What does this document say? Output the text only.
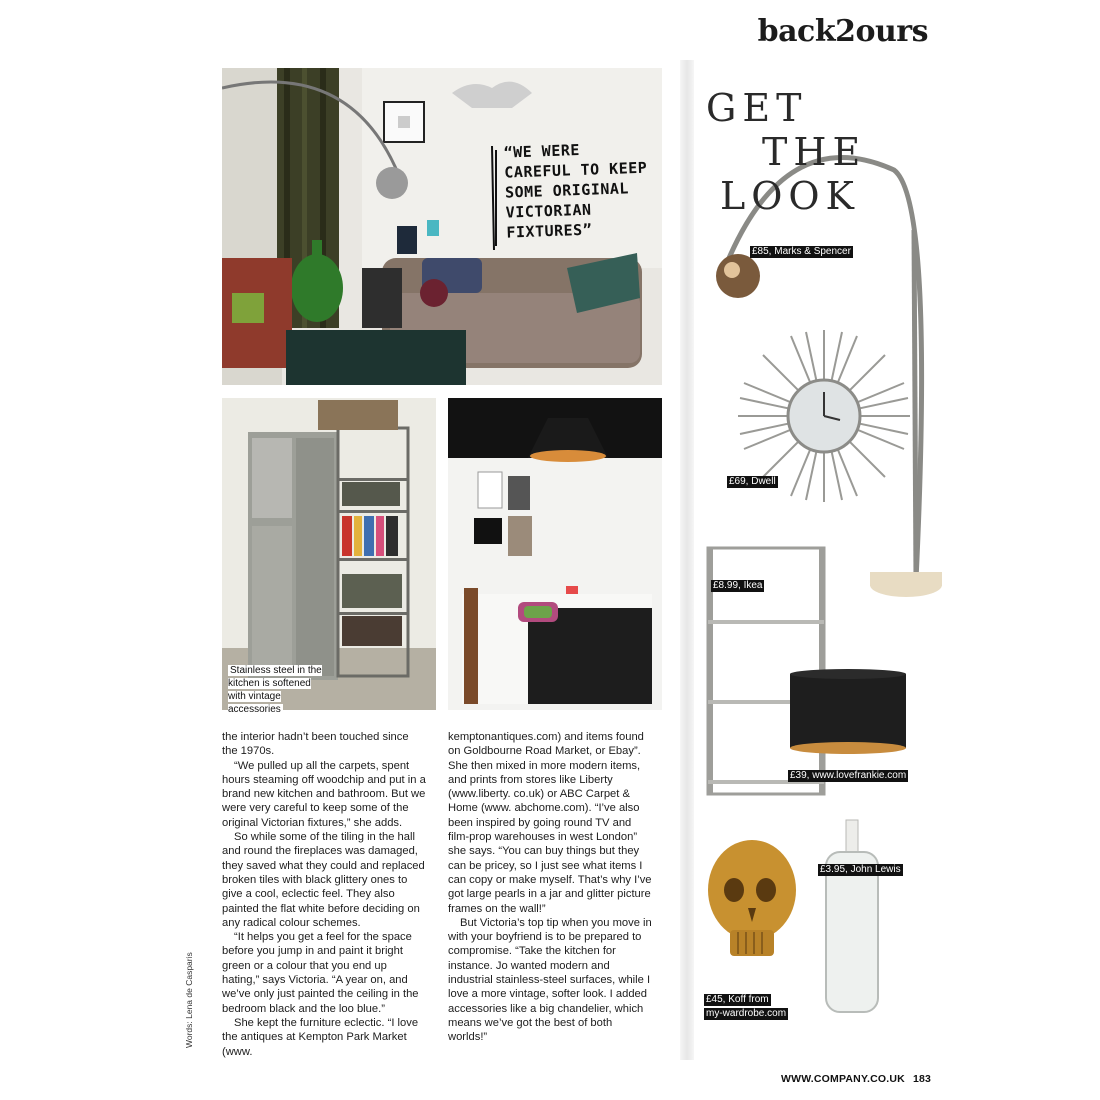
back2ours
“WE WERE CAREFUL TO KEEP SOME ORIGINAL VICTORIAN FIXTURES”
Stainless steel in the kitchen is softened with vintage accessories

the interior hadn’t been touched since the 1970s.

“We pulled up all the carpets, spent hours steaming off woodchip and put in a brand new kitchen and bathroom. But we were very careful to keep some of the original Victorian fixtures,” she adds.

So while some of the tiling in the hall and round the fireplaces was damaged, they saved what they could and replaced broken tiles with black glittery ones to give a cool, eclectic feel. They also painted the flat white before deciding on any radical colour schemes.

“It helps you get a feel for the space before you jump in and paint it bright green or a colour that you end up hating,” says Victoria. “A year on, and we’ve only just painted the ceiling in the bedroom black and the loo blue.”

She kept the furniture eclectic. “I love the antiques at Kempton Park Market (www.

kemptonantiques.com) and items found on Goldbourne Road Market, or Ebay”. She then mixed in more modern items, and prints from stores like Liberty (www.liberty. co.uk) or ABC Carpet & Home (www. abchome.com). “I’ve also been inspired by going round TV and film-prop warehouses in west London” she says. “You can buy things but they can be pricey, so I just see what items I can copy or make myself. That’s why I’ve got large pearls in a jar and glitter picture frames on the wall!”

But Victoria’s top tip when you move in with your boyfriend is to be prepared to compromise. “Take the kitchen for instance. Jo wanted modern and industrial stainless-steel surfaces, while I love a more vintage, softer look. I added accessories like a big chandelier, which means we’ve got the best of both worlds!”

Words: Lena de Casparis
GET
THE
LOOK
£85, Marks & Spencer
£69, Dwell
£8.99, Ikea
£39, www.lovefrankie.com
£3.95, John Lewis
£45, Koff from
my-wardrobe.com
WWW.COMPANY.CO.UK 183
